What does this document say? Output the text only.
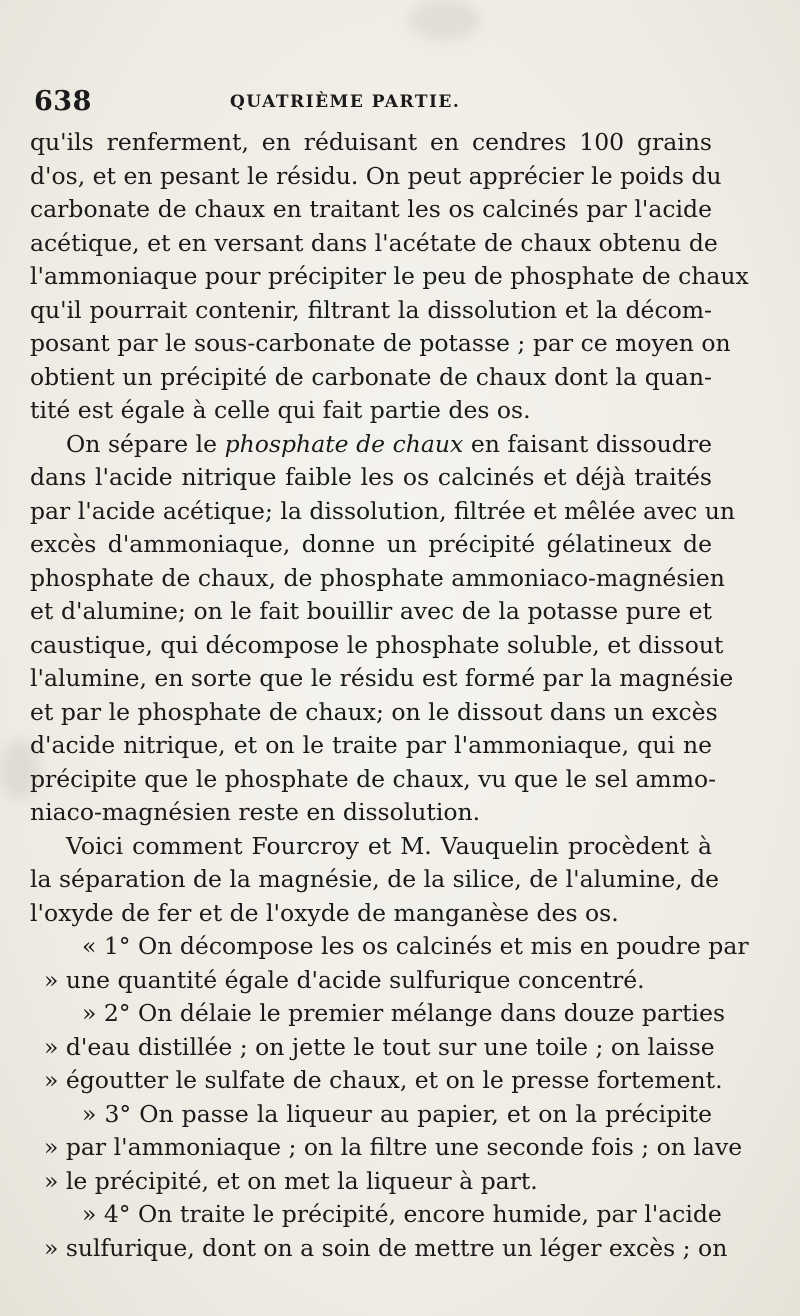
638	QUATRIÈME PARTIE.
qu'ils renferment, en réduisant en cendres 100 grains
d'os, et en pesant le résidu. On peut apprécier le poids du
carbonate de chaux en traitant les os calcinés par l'acide
acétique, et en versant dans l'acétate de chaux obtenu de
l'ammoniaque pour précipiter le peu de phosphate de chaux
qu'il pourrait contenir, filtrant la dissolution et la décom-
posant par le sous-carbonate de potasse ; par ce moyen on
obtient un précipité de carbonate de chaux dont la quan-
tité est égale à celle qui fait partie des os.
On sépare le phosphate de chaux en faisant dissoudre
dans l'acide nitrique faible les os calcinés et déjà traités
par l'acide acétique; la dissolution, filtrée et mêlée avec un
excès d'ammoniaque, donne un précipité gélatineux de
phosphate de chaux, de phosphate ammoniaco-magnésien
et d'alumine; on le fait bouillir avec de la potasse pure et
caustique, qui décompose le phosphate soluble, et dissout
l'alumine, en sorte que le résidu est formé par la magnésie
et par le phosphate de chaux; on le dissout dans un excès
d'acide nitrique, et on le traite par l'ammoniaque, qui ne
précipite que le phosphate de chaux, vu que le sel ammo-
niaco-magnésien reste en dissolution.
Voici comment Fourcroy et M. Vauquelin procèdent à
la séparation de la magnésie, de la silice, de l'alumine, de
l'oxyde de fer et de l'oxyde de manganèse des os.
« 1° On décompose les os calcinés et mis en poudre par
» une quantité égale d'acide sulfurique concentré.
» 2° On délaie le premier mélange dans douze parties
» d'eau distillée ; on jette le tout sur une toile ; on laisse
» égoutter le sulfate de chaux, et on le presse fortement.
» 3° On passe la liqueur au papier, et on la précipite
» par l'ammoniaque ; on la filtre une seconde fois ; on lave
» le précipité, et on met la liqueur à part.
» 4° On traite le précipité, encore humide, par l'acide
» sulfurique, dont on a soin de mettre un léger excès ; on
